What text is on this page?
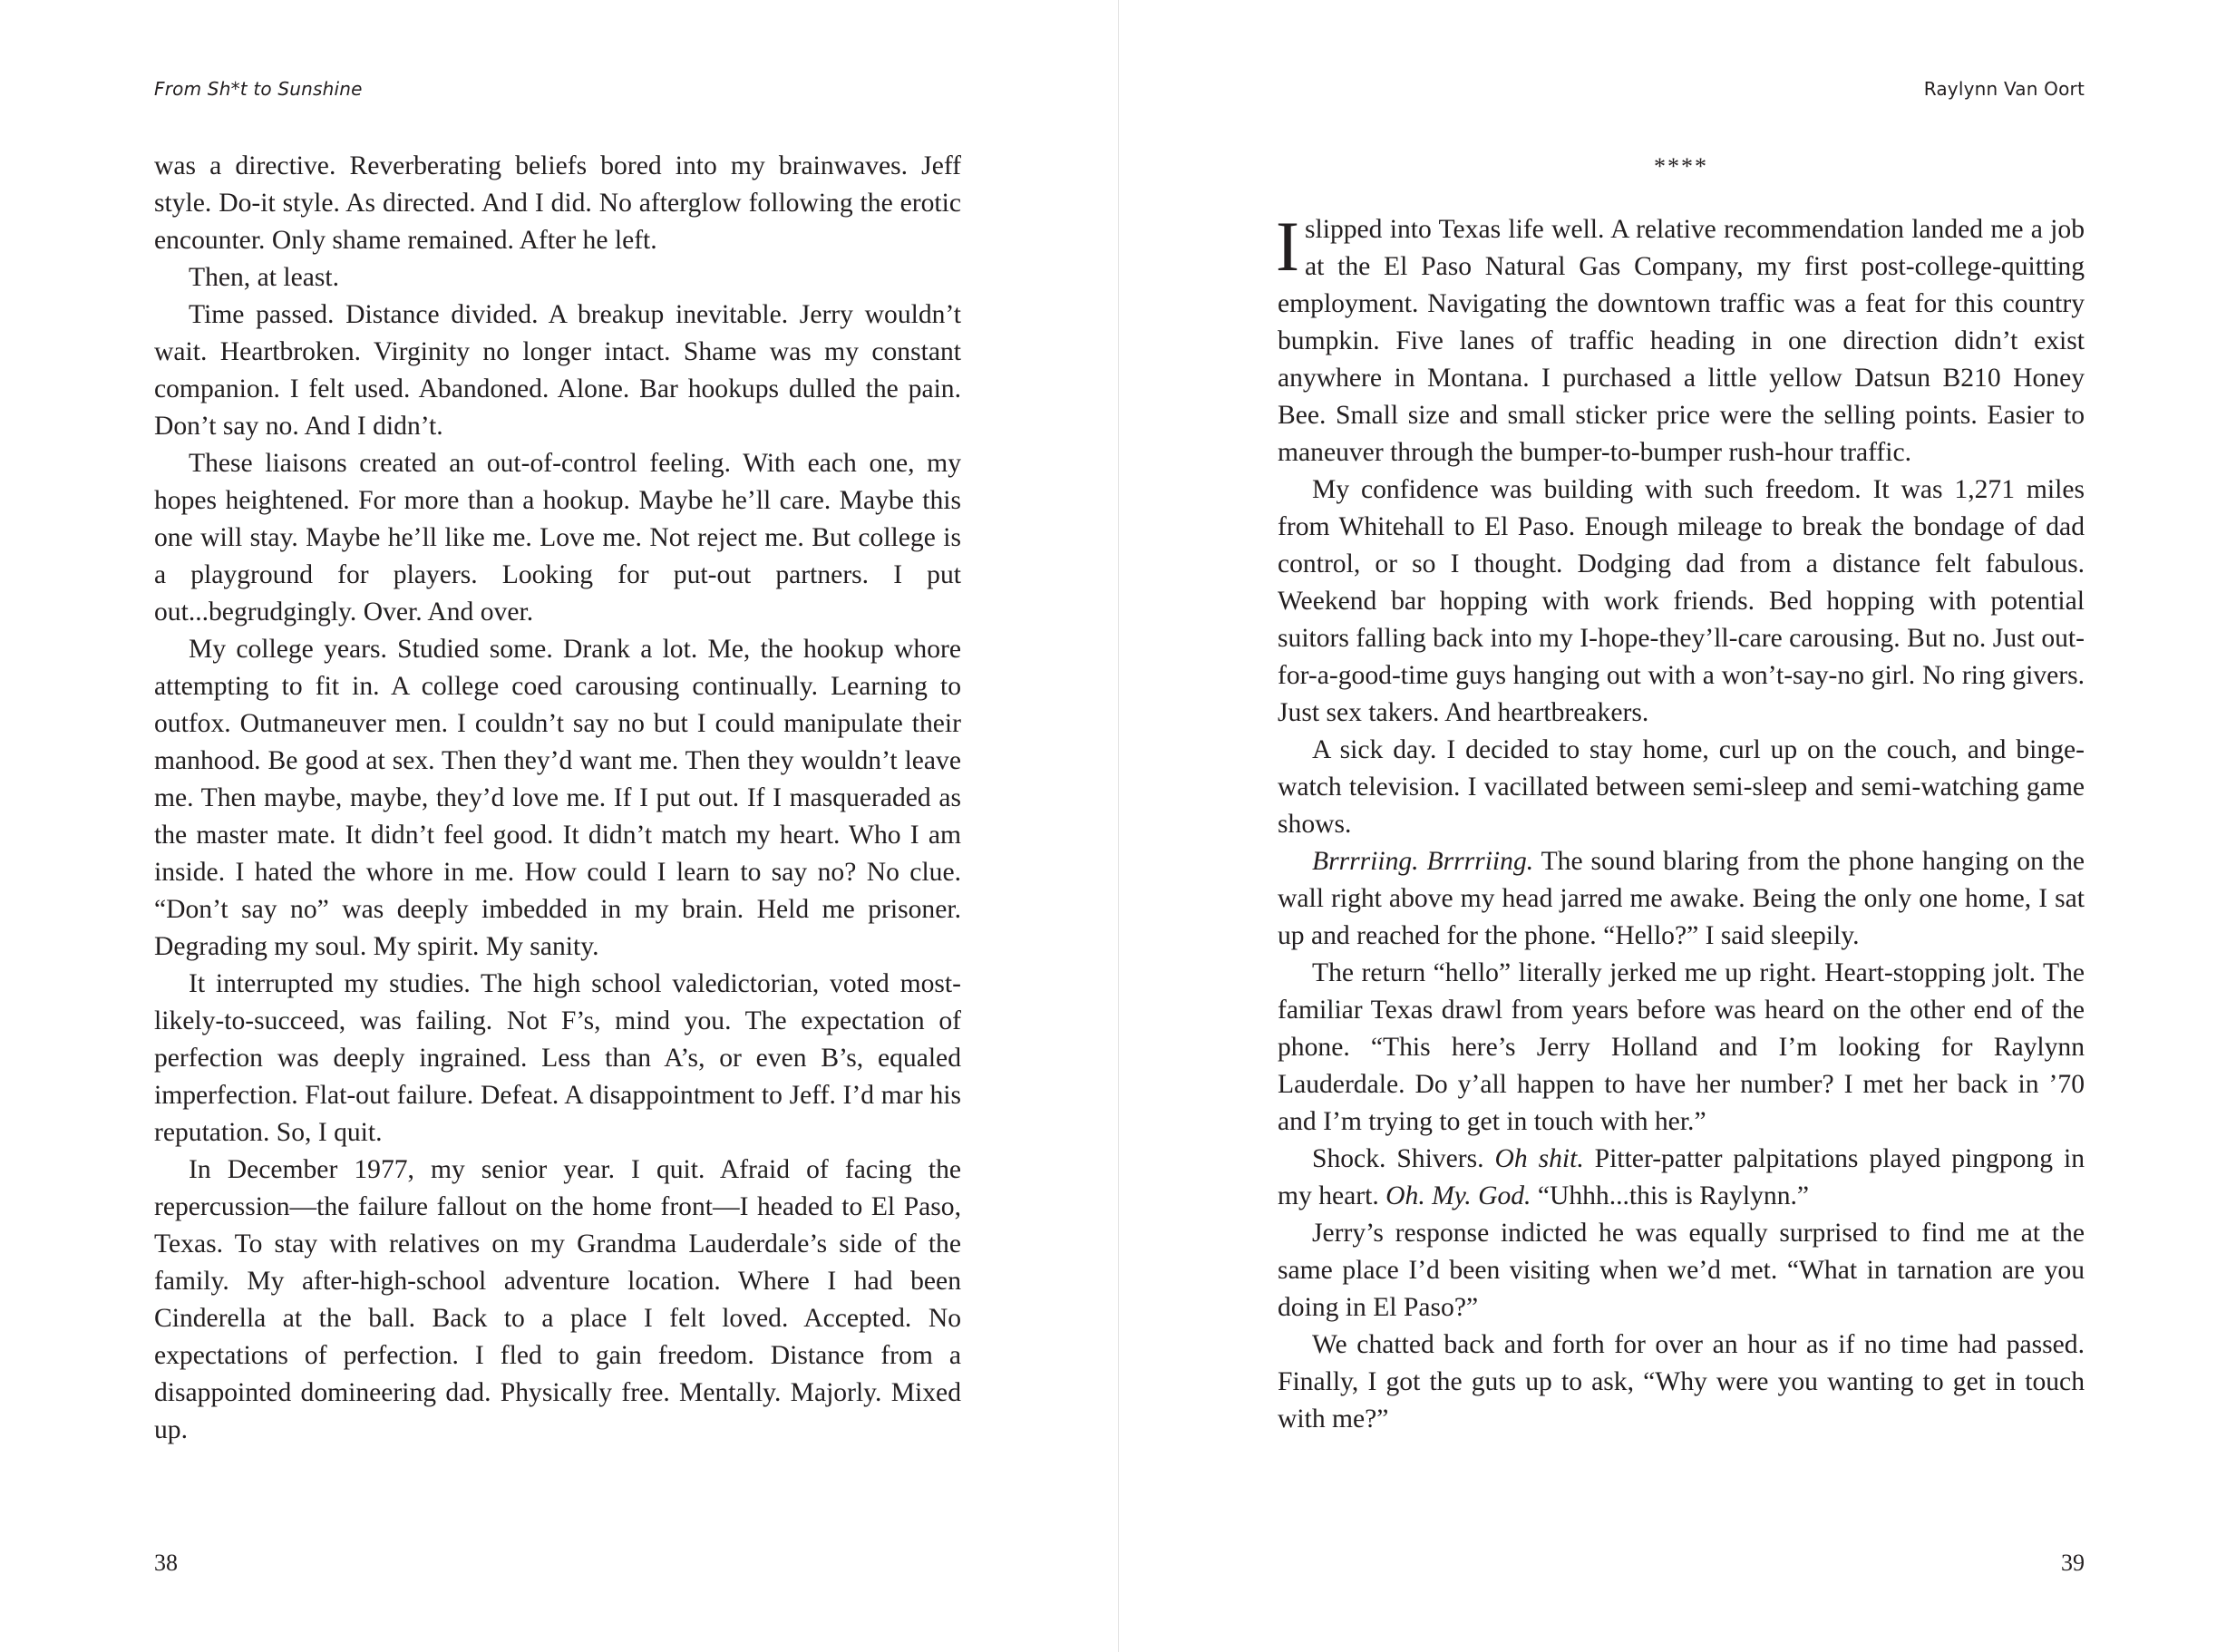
From Sh*t to Sunshine

was a directive. Reverberating beliefs bored into my brainwaves. Jeff style. Do-it style. As directed. And I did. No afterglow following the erotic encounter. Only shame remained. After he left.

Then, at least.

Time passed. Distance divided. A breakup inevitable. Jerry wouldn’t wait. Heartbroken. Virginity no longer intact. Shame was my constant companion. I felt used. Abandoned. Alone. Bar hookups dulled the pain. Don’t say no. And I didn’t.

These liaisons created an out-of-control feeling. With each one, my hopes heightened. For more than a hookup. Maybe he’ll care. Maybe this one will stay. Maybe he’ll like me. Love me. Not reject me. But college is a playground for players. Looking for put-out partners. I put out...begrudgingly. Over. And over.

My college years. Studied some. Drank a lot. Me, the hookup whore attempting to fit in. A college coed carousing continually. Learning to outfox. Outmaneuver men. I couldn’t say no but I could manipulate their manhood. Be good at sex. Then they’d want me. Then they wouldn’t leave me. Then maybe, maybe, they’d love me. If I put out. If I masqueraded as the master mate. It didn’t feel good. It didn’t match my heart. Who I am inside. I hated the whore in me. How could I learn to say no? No clue. “Don’t say no” was deeply imbedded in my brain. Held me prisoner. Degrading my soul. My spirit. My sanity.

It interrupted my studies. The high school valedictorian, voted most-likely-to-succeed, was failing. Not F’s, mind you. The expectation of perfection was deeply ingrained. Less than A’s, or even B’s, equaled imperfection. Flat-out failure. Defeat. A disappointment to Jeff. I’d mar his reputation. So, I quit.

In December 1977, my senior year. I quit. Afraid of facing the repercussion—the failure fallout on the home front—I headed to El Paso, Texas. To stay with relatives on my Grandma Lauderdale’s side of the family. My after-high-school adventure location. Where I had been Cinderella at the ball. Back to a place I felt loved. Accepted. No expectations of perfection. I fled to gain freedom. Distance from a disappointed domineering dad. Physically free. Mentally. Majorly. Mixed up.

38
Raylynn Van Oort
****

Islipped into Texas life well. A relative recommendation landed me a job at the El Paso Natural Gas Company, my first post-college-quitting employment. Navigating the downtown traffic was a feat for this country bumpkin. Five lanes of traffic heading in one direction didn’t exist anywhere in Montana. I purchased a little yellow Datsun B210 Honey Bee. Small size and small sticker price were the selling points. Easier to maneuver through the bumper-to-bumper rush-hour traffic.

My confidence was building with such freedom. It was 1,271 miles from Whitehall to El Paso. Enough mileage to break the bondage of dad control, or so I thought. Dodging dad from a distance felt fabulous. Weekend bar hopping with work friends. Bed hopping with potential suitors falling back into my I-hope-they’ll-care carousing. But no. Just out-for-a-good-time guys hanging out with a won’t-say-no girl. No ring givers. Just sex takers. And heartbreakers.

A sick day. I decided to stay home, curl up on the couch, and binge-watch television. I vacillated between semi-sleep and semi-watching game shows.

Brrrriing. Brrrriing. The sound blaring from the phone hanging on the wall right above my head jarred me awake. Being the only one home, I sat up and reached for the phone. “Hello?” I said sleepily.

The return “hello” literally jerked me up right. Heart-stopping jolt. The familiar Texas drawl from years before was heard on the other end of the phone. “This here’s Jerry Holland and I’m looking for Raylynn Lauderdale. Do y’all happen to have her number? I met her back in ’70 and I’m trying to get in touch with her.”

Shock. Shivers. Oh shit. Pitter-patter palpitations played pingpong in my heart. Oh. My. God. “Uhhh...this is Raylynn.”

Jerry’s response indicted he was equally surprised to find me at the same place I’d been visiting when we’d met. “What in tarnation are you doing in El Paso?”

We chatted back and forth for over an hour as if no time had passed. Finally, I got the guts up to ask, “Why were you wanting to get in touch with me?”

39
